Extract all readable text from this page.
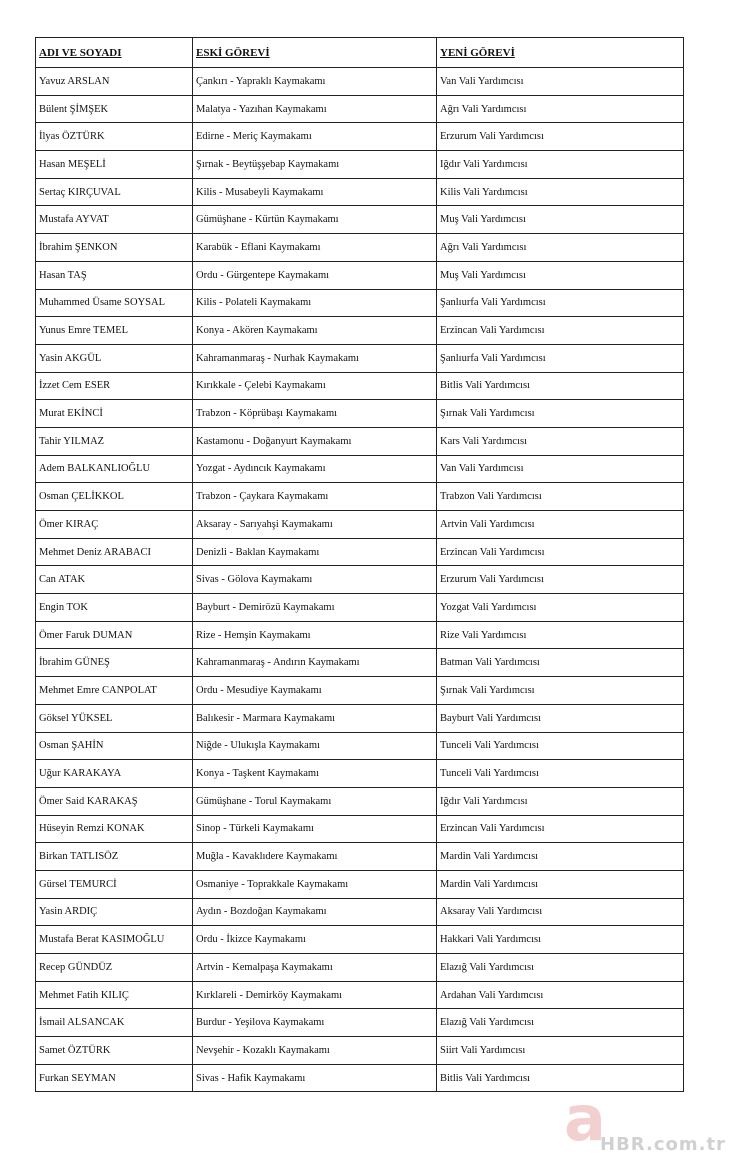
ADI VE SOYADI	ESKİ GÖREVİ	YENİ GÖREVİ
Yavuz ARSLAN	Çankırı - Yapraklı Kaymakamı	Van Vali Yardımcısı
Bülent ŞİMŞEK	Malatya - Yazıhan Kaymakamı	Ağrı Vali Yardımcısı
İlyas ÖZTÜRK	Edirne - Meriç Kaymakamı	Erzurum Vali Yardımcısı
Hasan MEŞELİ	Şırnak - Beytüşşebap Kaymakamı	Iğdır Vali Yardımcısı
Sertaç KIRÇUVAL	Kilis - Musabeyli Kaymakamı	Kilis Vali Yardımcısı
Mustafa AYVAT	Gümüşhane - Kürtün Kaymakamı	Muş Vali Yardımcısı
İbrahim ŞENKON	Karabük - Eflani Kaymakamı	Ağrı Vali Yardımcısı
Hasan TAŞ	Ordu - Gürgentepe Kaymakamı	Muş Vali Yardımcısı
Muhammed Üsame SOYSAL	Kilis - Polateli Kaymakamı	Şanlıurfa Vali Yardımcısı
Yunus Emre TEMEL	Konya - Akören Kaymakamı	Erzincan Vali Yardımcısı
Yasin AKGÜL	Kahramanmaraş - Nurhak Kaymakamı	Şanlıurfa Vali Yardımcısı
İzzet Cem ESER	Kırıkkale - Çelebi Kaymakamı	Bitlis Vali Yardımcısı
Murat EKİNCİ	Trabzon - Köprübaşı Kaymakamı	Şırnak Vali Yardımcısı
Tahir YILMAZ	Kastamonu - Doğanyurt Kaymakamı	Kars Vali Yardımcısı
Adem BALKANLIOĞLU	Yozgat - Aydıncık Kaymakamı	Van Vali Yardımcısı
Osman ÇELİKKOL	Trabzon - Çaykara Kaymakamı	Trabzon Vali Yardımcısı
Ömer KIRAÇ	Aksaray - Sarıyahşi Kaymakamı	Artvin Vali Yardımcısı
Mehmet Deniz ARABACI	Denizli - Baklan Kaymakamı	Erzincan Vali Yardımcısı
Can ATAK	Sivas - Gölova Kaymakamı	Erzurum Vali Yardımcısı
Engin TOK	Bayburt - Demirözü Kaymakamı	Yozgat Vali Yardımcısı
Ömer Faruk DUMAN	Rize - Hemşin Kaymakamı	Rize Vali Yardımcısı
İbrahim GÜNEŞ	Kahramanmaraş - Andırın Kaymakamı	Batman Vali Yardımcısı
Mehmet Emre CANPOLAT	Ordu - Mesudiye Kaymakamı	Şırnak Vali Yardımcısı
Göksel YÜKSEL	Balıkesir - Marmara Kaymakamı	Bayburt Vali Yardımcısı
Osman ŞAHİN	Niğde - Ulukışla Kaymakamı	Tunceli Vali Yardımcısı
Uğur KARAKAYA	Konya - Taşkent Kaymakamı	Tunceli Vali Yardımcısı
Ömer Said KARAKAŞ	Gümüşhane - Torul Kaymakamı	Iğdır Vali Yardımcısı
Hüseyin Remzi KONAK	Sinop - Türkeli Kaymakamı	Erzincan Vali Yardımcısı
Birkan TATLISÖZ	Muğla - Kavaklıdere Kaymakamı	Mardin Vali Yardımcısı
Gürsel TEMURCİ	Osmaniye - Toprakkale Kaymakamı	Mardin Vali Yardımcısı
Yasin ARDIÇ	Aydın - Bozdoğan Kaymakamı	Aksaray Vali Yardımcısı
Mustafa Berat KASIMOĞLU	Ordu - İkizce Kaymakamı	Hakkari Vali Yardımcısı
Recep GÜNDÜZ	Artvin - Kemalpaşa Kaymakamı	Elazığ Vali Yardımcısı
Mehmet Fatih KILIÇ	Kırklareli - Demirköy Kaymakamı	Ardahan Vali Yardımcısı
İsmail ALSANCAK	Burdur - Yeşilova Kaymakamı	Elazığ Vali Yardımcısı
Samet ÖZTÜRK	Nevşehir - Kozaklı Kaymakamı	Siirt Vali Yardımcısı
Furkan SEYMAN	Sivas - Hafik Kaymakamı	Bitlis Vali Yardımcısı
a
HBR.com.tr
